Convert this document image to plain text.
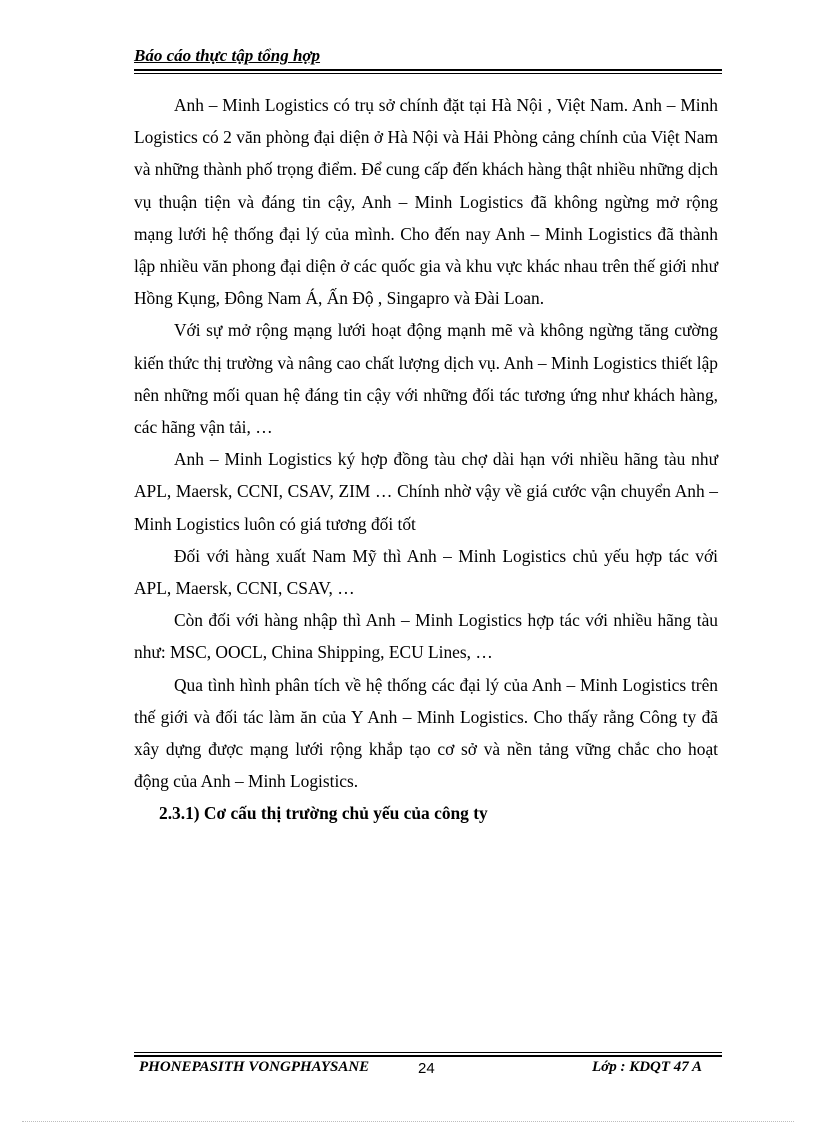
Báo cáo thực tập tổng hợp

Anh – Minh Logistics có trụ sở chính đặt tại Hà Nội , Việt Nam. Anh – Minh Logistics có 2 văn phòng đại diện ở Hà Nội và Hải Phòng cảng chính của Việt Nam và những thành phố trọng điểm. Để cung cấp đến khách hàng thật nhiều những dịch vụ thuận tiện và đáng tin cậy, Anh – Minh Logistics đã không ngừng mở rộng mạng lưới hệ thống đại lý của mình. Cho đến nay Anh – Minh Logistics đã thành lập nhiều văn phong đại diện ở các quốc gia và khu vực khác nhau trên thế giới như Hồng Kụng, Đông Nam Á, Ấn Độ , Singapro và Đài Loan.

Với sự mở rộng mạng lưới hoạt động mạnh mẽ và không ngừng tăng cường kiến thức thị trường và nâng cao chất lượng dịch vụ. Anh – Minh Logistics thiết lập nên những mối quan hệ đáng tin cậy với những đối tác tương ứng như khách hàng, các hãng vận tải, …

Anh – Minh Logistics ký hợp đồng tàu chợ dài hạn với nhiều hãng tàu như APL, Maersk, CCNI, CSAV, ZIM … Chính nhờ vậy về giá cước vận chuyển Anh – Minh Logistics luôn có giá tương đối tốt

Đối với hàng xuất Nam Mỹ thì Anh – Minh Logistics chủ yếu hợp tác với APL, Maersk, CCNI, CSAV, …

Còn đối với hàng nhập thì Anh – Minh Logistics hợp tác với nhiều hãng tàu như: MSC, OOCL, China Shipping, ECU Lines, …

Qua tình hình phân tích về hệ thống các đại lý của Anh – Minh Logistics trên thế giới và đối tác làm ăn của Y Anh – Minh Logistics. Cho thấy rằng Công ty đã xây dựng được mạng lưới rộng khắp tạo cơ sở và nền tảng vững chắc cho hoạt động của Anh – Minh Logistics.

2.3.1) Cơ cấu thị trường chủ yếu của công ty

PHONEPASITH VONGPHAYSANE	24	Lớp : KDQT 47 A
